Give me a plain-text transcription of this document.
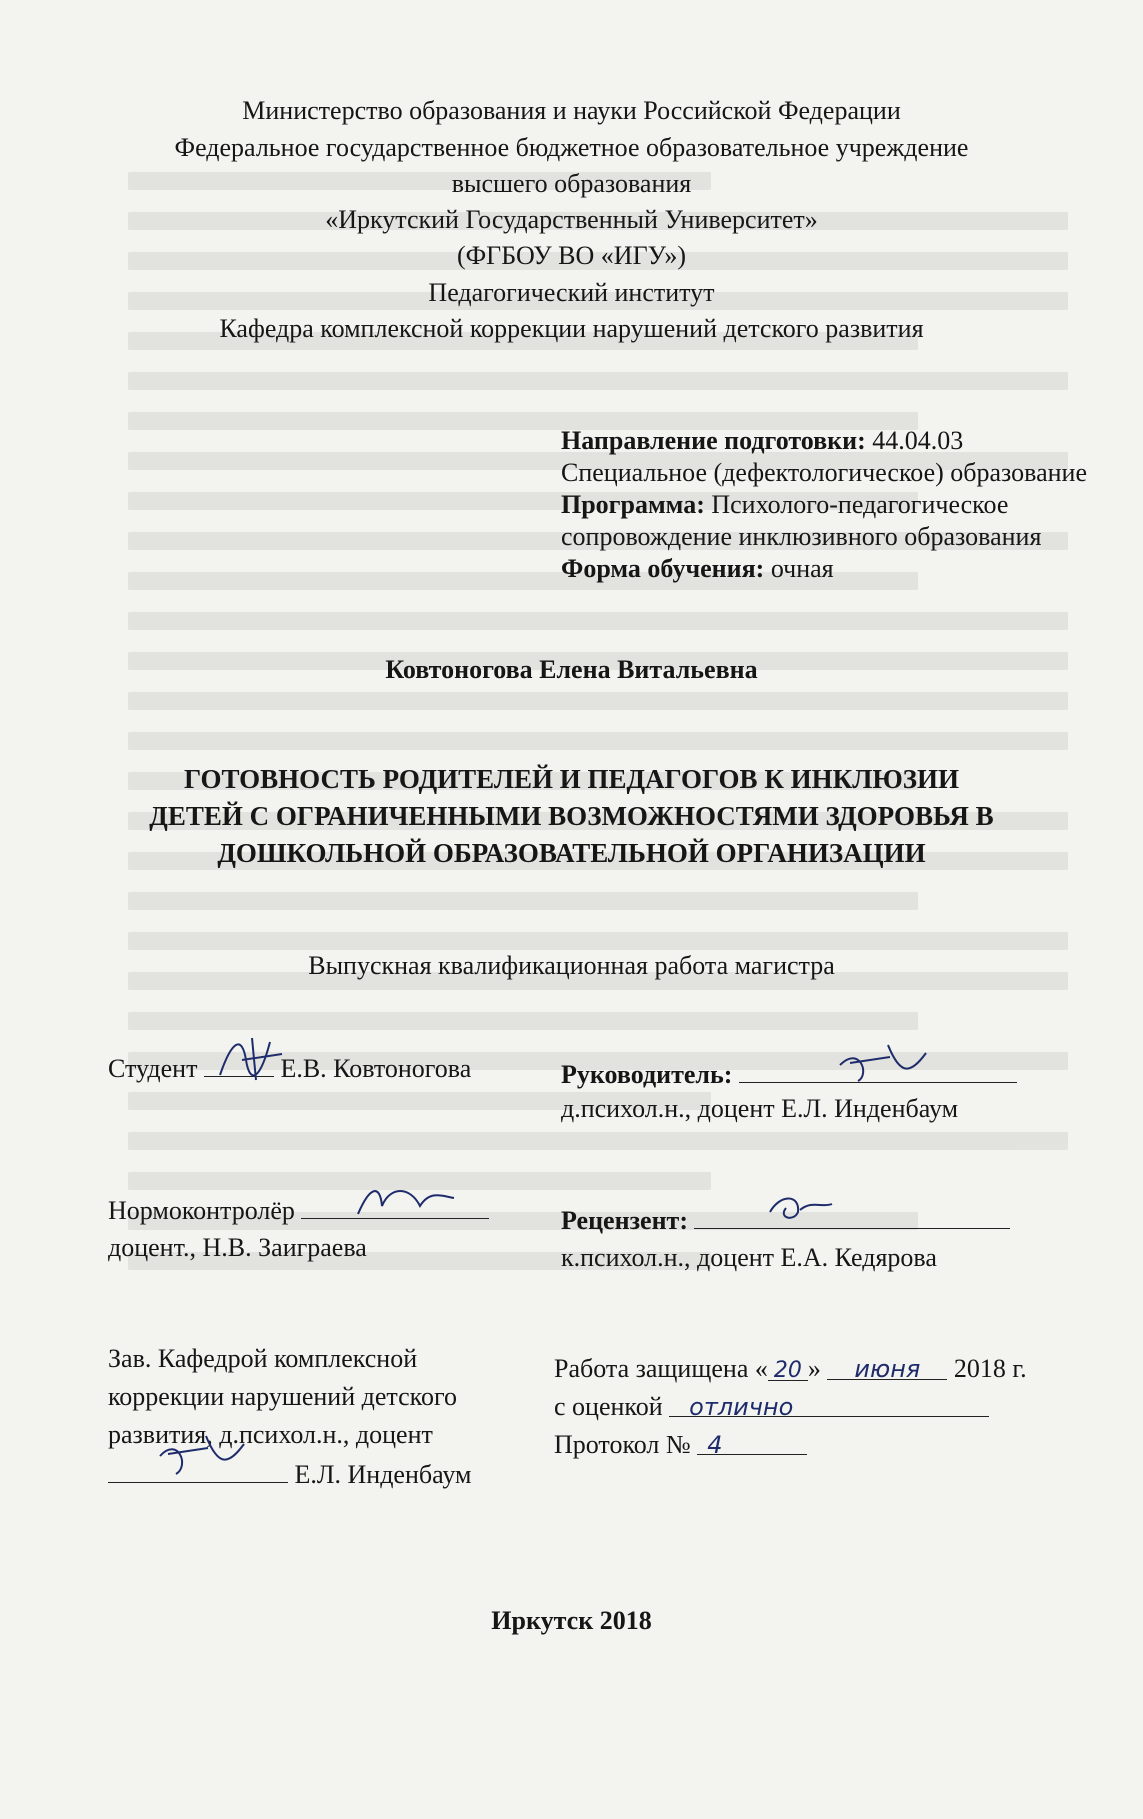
Министерство образования и науки Российской Федерации
Федеральное государственное бюджетное образовательное учреждение
высшего образования
«Иркутский Государственный Университет»
(ФГБОУ ВО «ИГУ»)
Педагогический институт
Кафедра комплексной коррекции нарушений детского развития
Направление подготовки: 44.04.03
Специальное (дефектологическое) образование
Программа: Психолого-педагогическое
сопровождение инклюзивного образования
Форма обучения: очная
Ковтоногова Елена Витальевна
ГОТОВНОСТЬ РОДИТЕЛЕЙ И ПЕДАГОГОВ К ИНКЛЮЗИИ
ДЕТЕЙ С ОГРАНИЧЕННЫМИ ВОЗМОЖНОСТЯМИ ЗДОРОВЬЯ В
ДОШКОЛЬНОЙ ОБРАЗОВАТЕЛЬНОЙ ОРГАНИЗАЦИИ
Выпускная квалификационная работа магистра
Студент	Е.В. Ковтоногова	Руководитель:
д.психол.н., доцент Е.Л. Инденбаум
Нормоконтролёр
доцент., Н.В. Заиграева
Рецензент:
к.психол.н., доцент Е.А. Кедярова
Зав. Кафедрой комплексной
коррекции нарушений детского
развития, д.психол.н., доцент
Е.Л. Инденбаум
Работа защищена « 20 » июня 2018 г.
с оценкой отлично
Протокол № 4
Иркутск 2018
